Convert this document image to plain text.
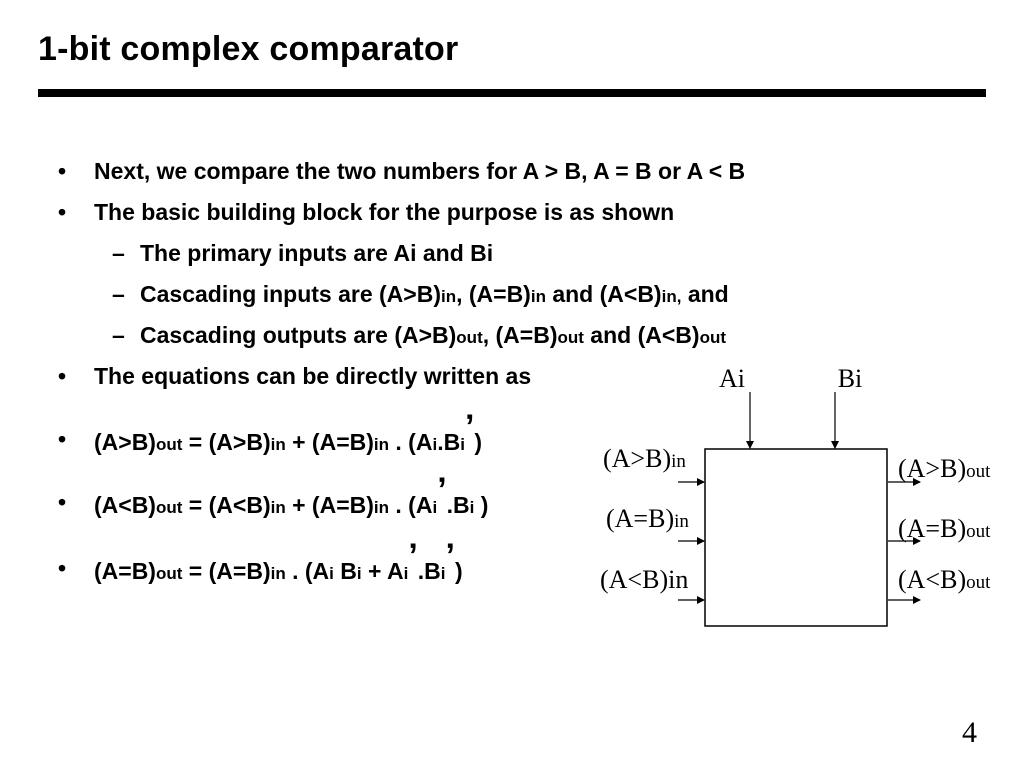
1-bit complex comparator
• Next, we compare the two numbers for A > B, A = B or A < B
• The basic building block for the purpose is as shown
– The primary inputs are Ai and Bi
– Cascading inputs are (A>B)in, (A=B)in and (A<B)in, and
– Cascading outputs are (A>B)out, (A=B)out and (A<B)out
• The equations can be directly written as
• (A>B)out = (A>B)in + (A=B)in . (Ai.Bi’)
• (A<B)out = (A<B)in + (A=B)in . (Ai’.Bi )
• (A=B)out = (A=B)in . (Ai Bi + Ai’.Bi’)
Ai	Bi
(A>B)in
(A=B)in
(A<B)in
(A>B)out
(A=B)out
(A<B)out
4
